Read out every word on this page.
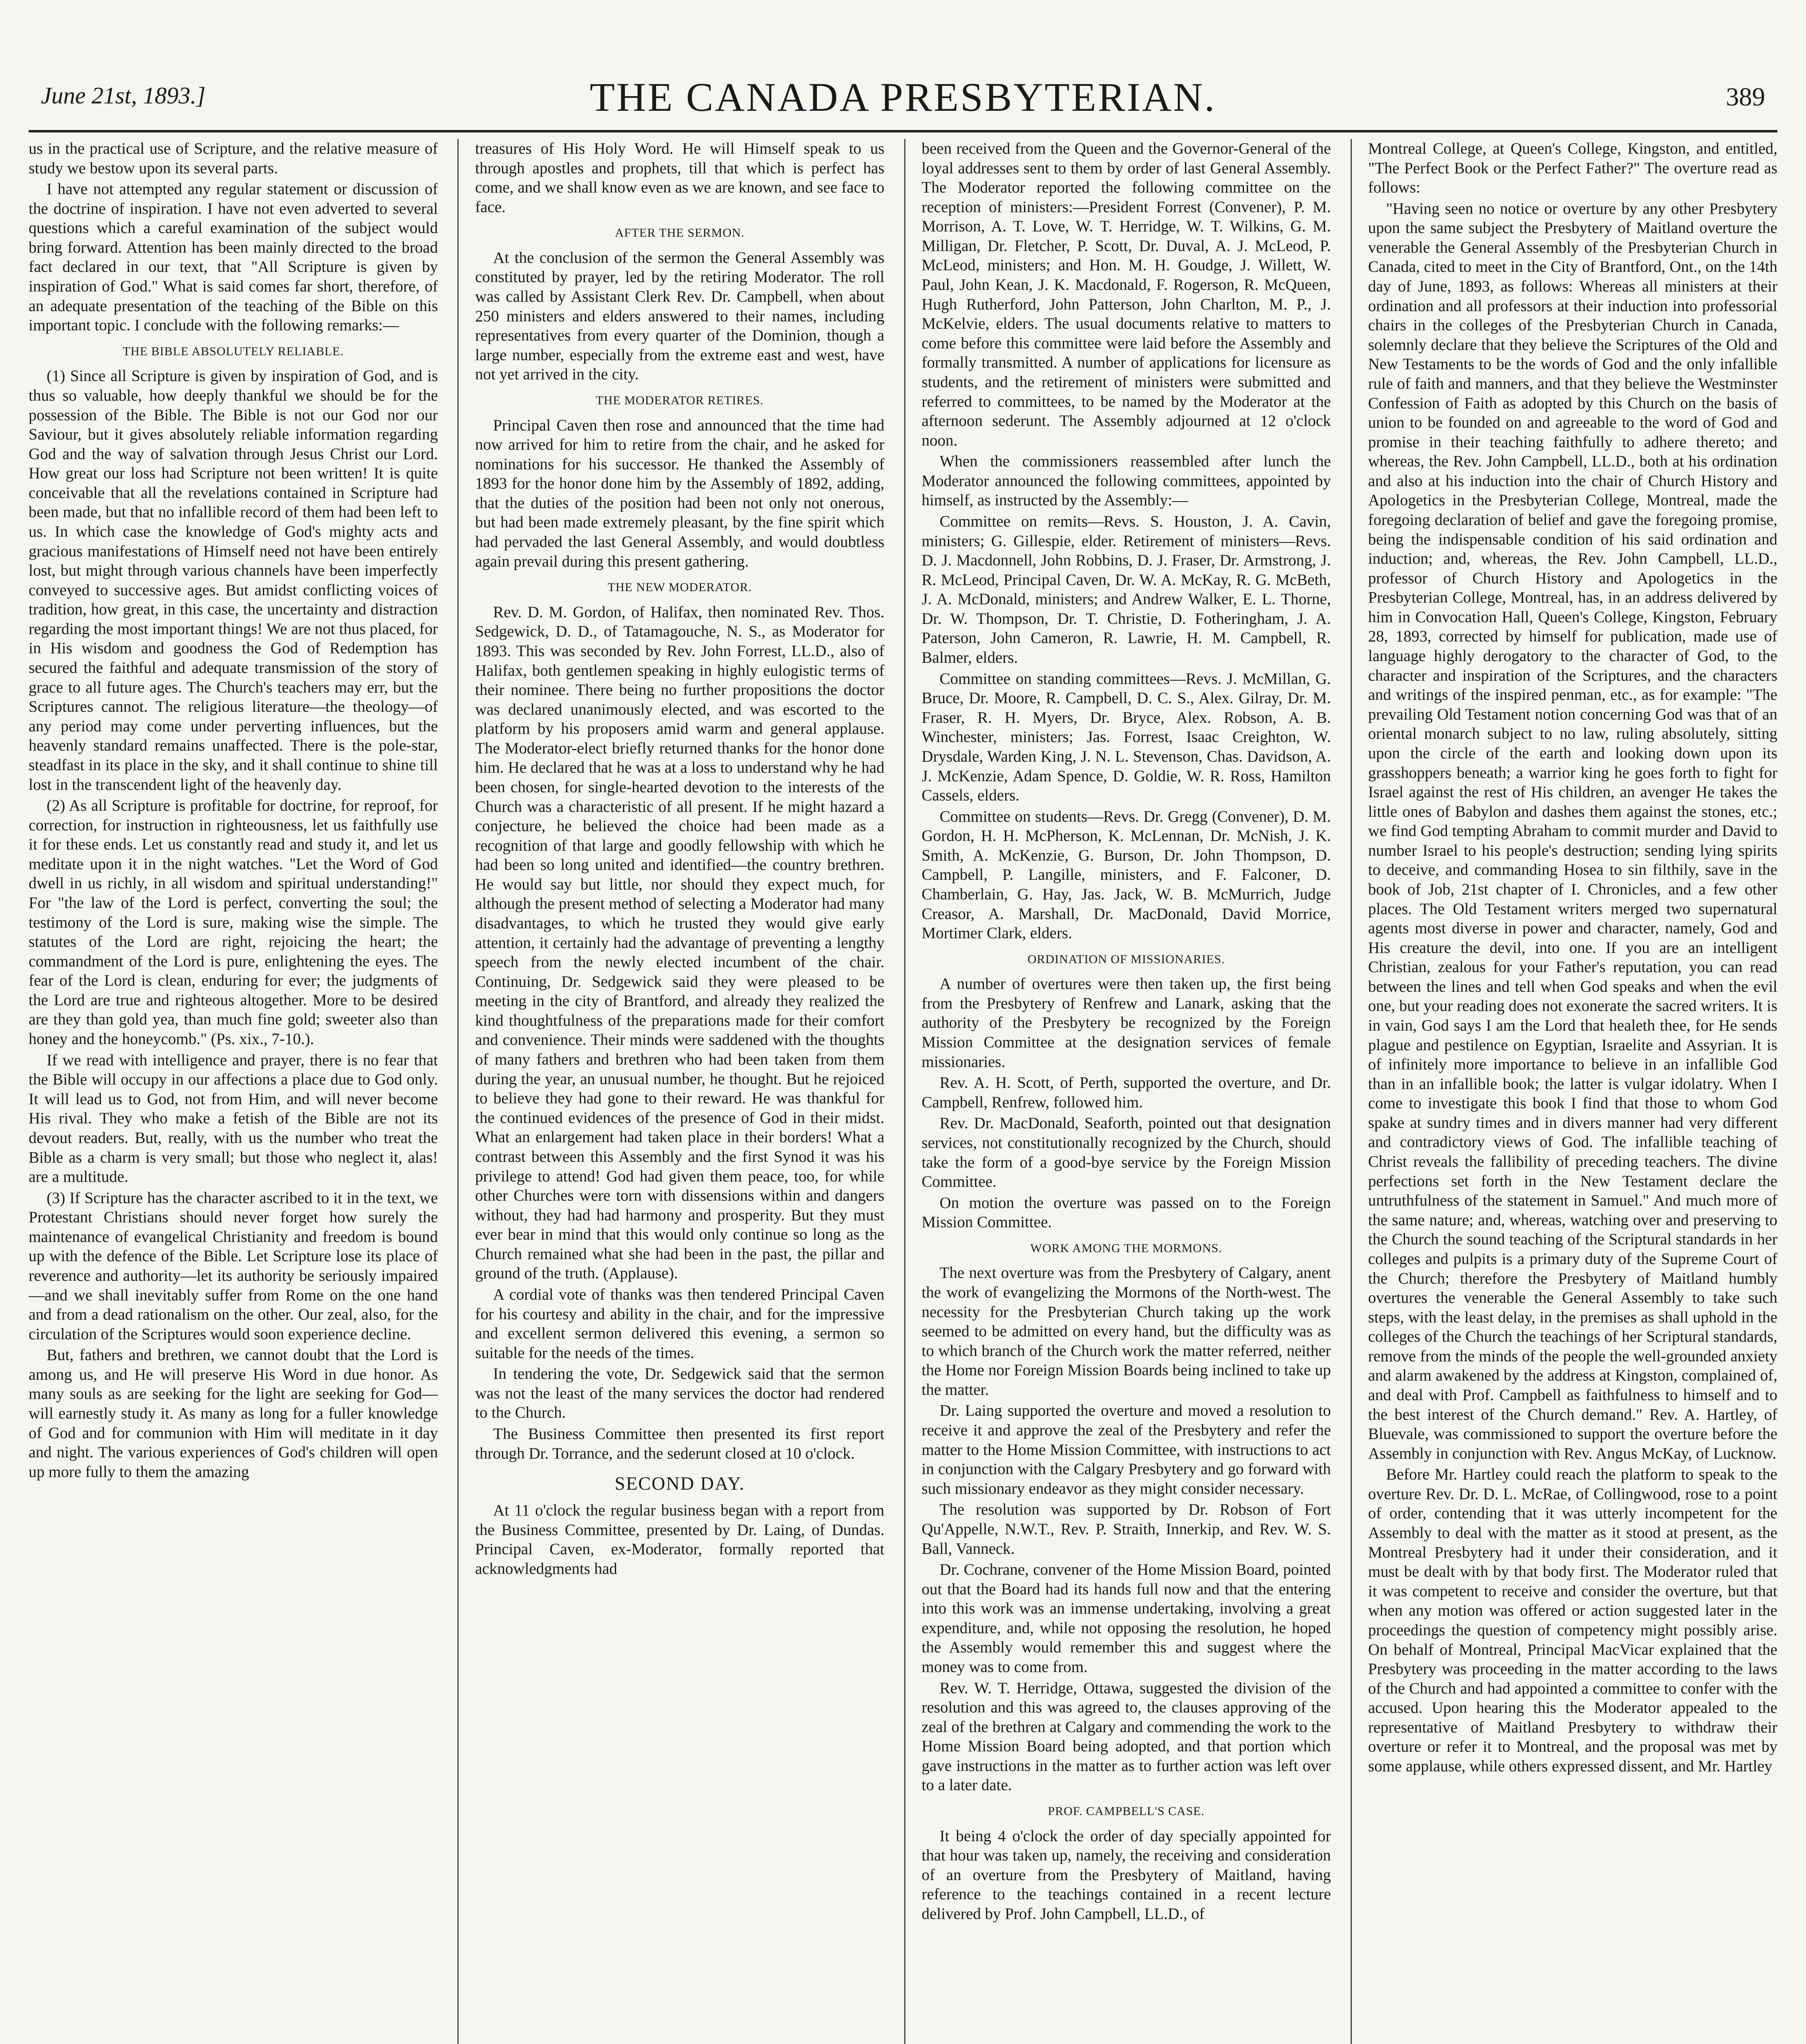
June 21st, 1893.]	THE CANADA PRESBYTERIAN.	389

us in the practical use of Scripture, and the relative measure of study we bestow upon its several parts.

I have not attempted any regular statement or discussion of the doctrine of inspiration. I have not even adverted to several questions which a careful examination of the subject would bring forward. Attention has been mainly directed to the broad fact declared in our text, that "All Scripture is given by inspiration of God." What is said comes far short, therefore, of an adequate presentation of the teaching of the Bible on this important topic. I conclude with the following remarks:—

THE BIBLE ABSOLUTELY RELIABLE.

(1) Since all Scripture is given by inspiration of God, and is thus so valuable, how deeply thankful we should be for the possession of the Bible. The Bible is not our God nor our Saviour, but it gives absolutely reliable information regarding God and the way of salvation through Jesus Christ our Lord. How great our loss had Scripture not been written! It is quite conceivable that all the revelations contained in Scripture had been made, but that no infallible record of them had been left to us. In which case the knowledge of God's mighty acts and gracious manifestations of Himself need not have been entirely lost, but might through various channels have been imperfectly conveyed to successive ages. But amidst conflicting voices of tradition, how great, in this case, the uncertainty and distraction regarding the most important things! We are not thus placed, for in His wisdom and goodness the God of Redemption has secured the faithful and adequate transmission of the story of grace to all future ages. The Church's teachers may err, but the Scriptures cannot. The religious literature—the theology—of any period may come under perverting influences, but the heavenly standard remains unaffected. There is the pole-star, steadfast in its place in the sky, and it shall continue to shine till lost in the transcendent light of the heavenly day.

(2) As all Scripture is profitable for doctrine, for reproof, for correction, for instruction in righteousness, let us faithfully use it for these ends. Let us constantly read and study it, and let us meditate upon it in the night watches. "Let the Word of God dwell in us richly, in all wisdom and spiritual understanding!" For "the law of the Lord is perfect, converting the soul; the testimony of the Lord is sure, making wise the simple. The statutes of the Lord are right, rejoicing the heart; the commandment of the Lord is pure, enlightening the eyes. The fear of the Lord is clean, enduring for ever; the judgments of the Lord are true and righteous altogether. More to be desired are they than gold yea, than much fine gold; sweeter also than honey and the honeycomb." (Ps. xix., 7-10.).

If we read with intelligence and prayer, there is no fear that the Bible will occupy in our affections a place due to God only. It will lead us to God, not from Him, and will never become His rival. They who make a fetish of the Bible are not its devout readers. But, really, with us the number who treat the Bible as a charm is very small; but those who neglect it, alas! are a multitude.

(3) If Scripture has the character ascribed to it in the text, we Protestant Christians should never forget how surely the maintenance of evangelical Christianity and freedom is bound up with the defence of the Bible. Let Scripture lose its place of reverence and authority—let its authority be seriously impaired—and we shall inevitably suffer from Rome on the one hand and from a dead rationalism on the other. Our zeal, also, for the circulation of the Scriptures would soon experience decline.

But, fathers and brethren, we cannot doubt that the Lord is among us, and He will preserve His Word in due honor. As many souls as are seeking for the light are seeking for God—will earnestly study it. As many as long for a fuller knowledge of God and for communion with Him will meditate in it day and night. The various experiences of God's children will open up more fully to them the amazing

treasures of His Holy Word. He will Himself speak to us through apostles and prophets, till that which is perfect has come, and we shall know even as we are known, and see face to face.

AFTER THE SERMON.

At the conclusion of the sermon the General Assembly was constituted by prayer, led by the retiring Moderator. The roll was called by Assistant Clerk Rev. Dr. Campbell, when about 250 ministers and elders answered to their names, including representatives from every quarter of the Dominion, though a large number, especially from the extreme east and west, have not yet arrived in the city.

THE MODERATOR RETIRES.

Principal Caven then rose and announced that the time had now arrived for him to retire from the chair, and he asked for nominations for his successor. He thanked the Assembly of 1893 for the honor done him by the Assembly of 1892, adding, that the duties of the position had been not only not onerous, but had been made extremely pleasant, by the fine spirit which had pervaded the last General Assembly, and would doubtless again prevail during this present gathering.

THE NEW MODERATOR.

Rev. D. M. Gordon, of Halifax, then nominated Rev. Thos. Sedgewick, D. D., of Tatamagouche, N. S., as Moderator for 1893. This was seconded by Rev. John Forrest, LL.D., also of Halifax, both gentlemen speaking in highly eulogistic terms of their nominee. There being no further propositions the doctor was declared unanimously elected, and was escorted to the platform by his proposers amid warm and general applause. The Moderator-elect briefly returned thanks for the honor done him. He declared that he was at a loss to understand why he had been chosen, for single-hearted devotion to the interests of the Church was a characteristic of all present. If he might hazard a conjecture, he believed the choice had been made as a recognition of that large and goodly fellowship with which he had been so long united and identified—the country brethren. He would say but little, nor should they expect much, for although the present method of selecting a Moderator had many disadvantages, to which he trusted they would give early attention, it certainly had the advantage of preventing a lengthy speech from the newly elected incumbent of the chair. Continuing, Dr. Sedgewick said they were pleased to be meeting in the city of Brantford, and already they realized the kind thoughtfulness of the preparations made for their comfort and convenience. Their minds were saddened with the thoughts of many fathers and brethren who had been taken from them during the year, an unusual number, he thought. But he rejoiced to believe they had gone to their reward. He was thankful for the continued evidences of the presence of God in their midst. What an enlargement had taken place in their borders! What a contrast between this Assembly and the first Synod it was his privilege to attend! God had given them peace, too, for while other Churches were torn with dissensions within and dangers without, they had had harmony and prosperity. But they must ever bear in mind that this would only continue so long as the Church remained what she had been in the past, the pillar and ground of the truth. (Applause).

A cordial vote of thanks was then tendered Principal Caven for his courtesy and ability in the chair, and for the impressive and excellent sermon delivered this evening, a sermon so suitable for the needs of the times.

In tendering the vote, Dr. Sedgewick said that the sermon was not the least of the many services the doctor had rendered to the Church.

The Business Committee then presented its first report through Dr. Torrance, and the sederunt closed at 10 o'clock.

SECOND DAY.

At 11 o'clock the regular business began with a report from the Business Committee, presented by Dr. Laing, of Dundas. Principal Caven, ex-Moderator, formally reported that acknowledgments had

been received from the Queen and the Governor-General of the loyal addresses sent to them by order of last General Assembly. The Moderator reported the following committee on the reception of ministers:—President Forrest (Convener), P. M. Morrison, A. T. Love, W. T. Herridge, W. T. Wilkins, G. M. Milligan, Dr. Fletcher, P. Scott, Dr. Duval, A. J. McLeod, P. McLeod, ministers; and Hon. M. H. Goudge, J. Willett, W. Paul, John Kean, J. K. Macdonald, F. Rogerson, R. McQueen, Hugh Rutherford, John Patterson, John Charlton, M. P., J. McKelvie, elders. The usual documents relative to matters to come before this committee were laid before the Assembly and formally transmitted. A number of applications for licensure as students, and the retirement of ministers were submitted and referred to committees, to be named by the Moderator at the afternoon sederunt. The Assembly adjourned at 12 o'clock noon.

When the commissioners reassembled after lunch the Moderator announced the following committees, appointed by himself, as instructed by the Assembly:—

Committee on remits—Revs. S. Houston, J. A. Cavin, ministers; G. Gillespie, elder. Retirement of ministers—Revs. D. J. Macdonnell, John Robbins, D. J. Fraser, Dr. Armstrong, J. R. McLeod, Principal Caven, Dr. W. A. McKay, R. G. McBeth, J. A. McDonald, ministers; and Andrew Walker, E. L. Thorne, Dr. W. Thompson, Dr. T. Christie, D. Fotheringham, J. A. Paterson, John Cameron, R. Lawrie, H. M. Campbell, R. Balmer, elders.

Committee on standing committees—Revs. J. McMillan, G. Bruce, Dr. Moore, R. Campbell, D. C. S., Alex. Gilray, Dr. M. Fraser, R. H. Myers, Dr. Bryce, Alex. Robson, A. B. Winchester, ministers; Jas. Forrest, Isaac Creighton, W. Drysdale, Warden King, J. N. L. Stevenson, Chas. Davidson, A. J. McKenzie, Adam Spence, D. Goldie, W. R. Ross, Hamilton Cassels, elders.

Committee on students—Revs. Dr. Gregg (Convener), D. M. Gordon, H. H. McPherson, K. McLennan, Dr. McNish, J. K. Smith, A. McKenzie, G. Burson, Dr. John Thompson, D. Campbell, P. Langille, ministers, and F. Falconer, D. Chamberlain, G. Hay, Jas. Jack, W. B. McMurrich, Judge Creasor, A. Marshall, Dr. MacDonald, David Morrice, Mortimer Clark, elders.

ORDINATION OF MISSIONARIES.

A number of overtures were then taken up, the first being from the Presbytery of Renfrew and Lanark, asking that the authority of the Presbytery be recognized by the Foreign Mission Committee at the designation services of female missionaries.

Rev. A. H. Scott, of Perth, supported the overture, and Dr. Campbell, Renfrew, followed him.

Rev. Dr. MacDonald, Seaforth, pointed out that designation services, not constitutionally recognized by the Church, should take the form of a good-bye service by the Foreign Mission Committee.

On motion the overture was passed on to the Foreign Mission Committee.

WORK AMONG THE MORMONS.

The next overture was from the Presbytery of Calgary, anent the work of evangelizing the Mormons of the North-west. The necessity for the Presbyterian Church taking up the work seemed to be admitted on every hand, but the difficulty was as to which branch of the Church work the matter referred, neither the Home nor Foreign Mission Boards being inclined to take up the matter.

Dr. Laing supported the overture and moved a resolution to receive it and approve the zeal of the Presbytery and refer the matter to the Home Mission Committee, with instructions to act in conjunction with the Calgary Presbytery and go forward with such missionary endeavor as they might consider necessary.

The resolution was supported by Dr. Robson of Fort Qu'Appelle, N.W.T., Rev. P. Straith, Innerkip, and Rev. W. S. Ball, Vanneck.

Dr. Cochrane, convener of the Home Mission Board, pointed out that the Board had its hands full now and that the entering into this work was an immense undertaking, involving a great expenditure, and, while not opposing the resolution, he hoped the Assembly would remember this and suggest where the money was to come from.

Rev. W. T. Herridge, Ottawa, suggested the division of the resolution and this was agreed to, the clauses approving of the zeal of the brethren at Calgary and commending the work to the Home Mission Board being adopted, and that portion which gave instructions in the matter as to further action was left over to a later date.

PROF. CAMPBELL'S CASE.

It being 4 o'clock the order of day specially appointed for that hour was taken up, namely, the receiving and consideration of an overture from the Presbytery of Maitland, having reference to the teachings contained in a recent lecture delivered by Prof. John Campbell, LL.D., of

Montreal College, at Queen's College, Kingston, and entitled, "The Perfect Book or the Perfect Father?" The overture read as follows:

"Having seen no notice or overture by any other Presbytery upon the same subject the Presbytery of Maitland overture the venerable the General Assembly of the Presbyterian Church in Canada, cited to meet in the City of Brantford, Ont., on the 14th day of June, 1893, as follows: Whereas all ministers at their ordination and all professors at their induction into professorial chairs in the colleges of the Presbyterian Church in Canada, solemnly declare that they believe the Scriptures of the Old and New Testaments to be the words of God and the only infallible rule of faith and manners, and that they believe the Westminster Confession of Faith as adopted by this Church on the basis of union to be founded on and agreeable to the word of God and promise in their teaching faithfully to adhere thereto; and whereas, the Rev. John Campbell, LL.D., both at his ordination and also at his induction into the chair of Church History and Apologetics in the Presbyterian College, Montreal, made the foregoing declaration of belief and gave the foregoing promise, being the indispensable condition of his said ordination and induction; and, whereas, the Rev. John Campbell, LL.D., professor of Church History and Apologetics in the Presbyterian College, Montreal, has, in an address delivered by him in Convocation Hall, Queen's College, Kingston, February 28, 1893, corrected by himself for publication, made use of language highly derogatory to the character of God, to the character and inspiration of the Scriptures, and the characters and writings of the inspired penman, etc., as for example: "The prevailing Old Testament notion concerning God was that of an oriental monarch subject to no law, ruling absolutely, sitting upon the circle of the earth and looking down upon its grasshoppers beneath; a warrior king he goes forth to fight for Israel against the rest of His children, an avenger He takes the little ones of Babylon and dashes them against the stones, etc.; we find God tempting Abraham to commit murder and David to number Israel to his people's destruction; sending lying spirits to deceive, and commanding Hosea to sin filthily, save in the book of Job, 21st chapter of I. Chronicles, and a few other places. The Old Testament writers merged two supernatural agents most diverse in power and character, namely, God and His creature the devil, into one. If you are an intelligent Christian, zealous for your Father's reputation, you can read between the lines and tell when God speaks and when the evil one, but your reading does not exonerate the sacred writers. It is in vain, God says I am the Lord that healeth thee, for He sends plague and pestilence on Egyptian, Israelite and Assyrian. It is of infinitely more importance to believe in an infallible God than in an infallible book; the latter is vulgar idolatry. When I come to investigate this book I find that those to whom God spake at sundry times and in divers manner had very different and contradictory views of God. The infallible teaching of Christ reveals the fallibility of preceding teachers. The divine perfections set forth in the New Testament declare the untruthfulness of the statement in Samuel." And much more of the same nature; and, whereas, watching over and preserving to the Church the sound teaching of the Scriptural standards in her colleges and pulpits is a primary duty of the Supreme Court of the Church; therefore the Presbytery of Maitland humbly overtures the venerable the General Assembly to take such steps, with the least delay, in the premises as shall uphold in the colleges of the Church the teachings of her Scriptural standards, remove from the minds of the people the well-grounded anxiety and alarm awakened by the address at Kingston, complained of, and deal with Prof. Campbell as faithfulness to himself and to the best interest of the Church demand." Rev. A. Hartley, of Bluevale, was commissioned to support the overture before the Assembly in conjunction with Rev. Angus McKay, of Lucknow.

Before Mr. Hartley could reach the platform to speak to the overture Rev. Dr. D. L. McRae, of Collingwood, rose to a point of order, contending that it was utterly incompetent for the Assembly to deal with the matter as it stood at present, as the Montreal Presbytery had it under their consideration, and it must be dealt with by that body first. The Moderator ruled that it was competent to receive and consider the overture, but that when any motion was offered or action suggested later in the proceedings the question of competency might possibly arise. On behalf of Montreal, Principal MacVicar explained that the Presbytery was proceeding in the matter according to the laws of the Church and had appointed a committee to confer with the accused. Upon hearing this the Moderator appealed to the representative of Maitland Presbytery to withdraw their overture or refer it to Montreal, and the proposal was met by some applause, while others expressed dissent, and Mr. Hartley
